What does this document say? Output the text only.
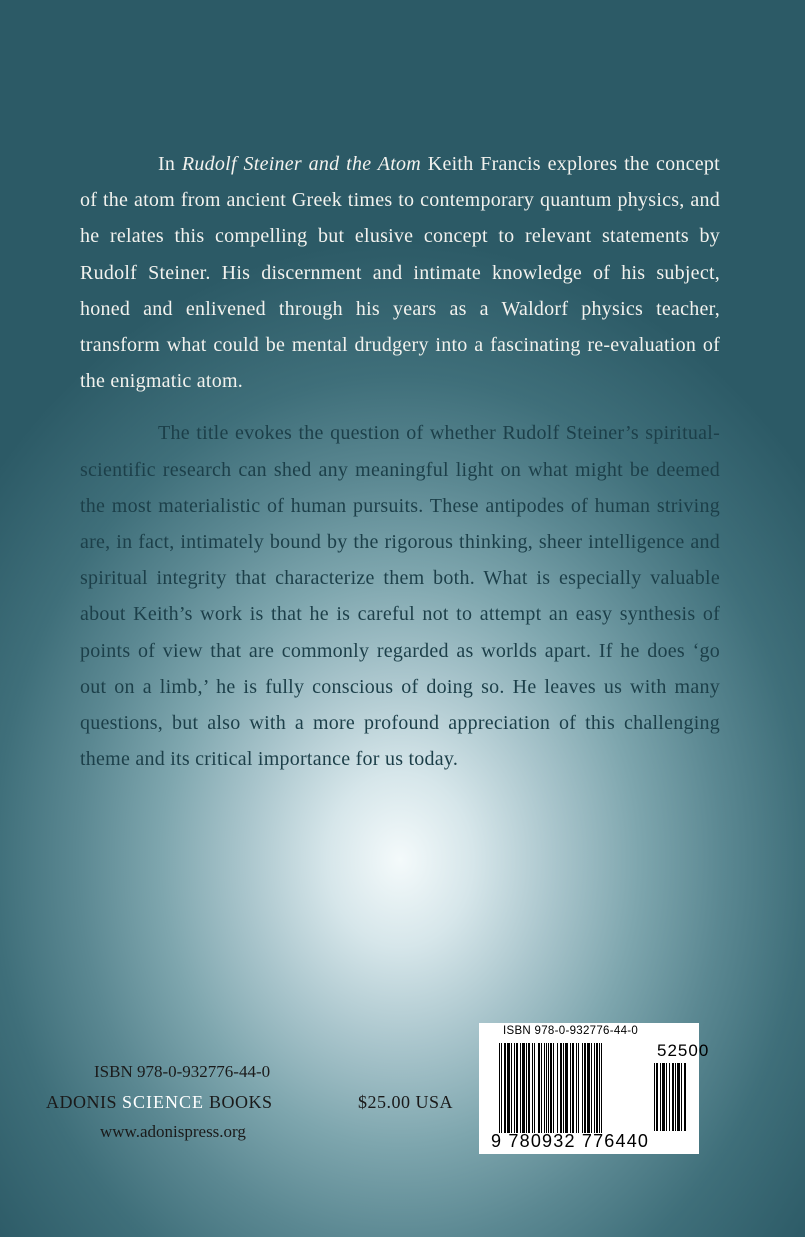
In Rudolf Steiner and the Atom Keith Francis explores the concept of the atom from ancient Greek times to contemporary quantum physics, and he relates this compelling but elusive concept to relevant statements by Rudolf Steiner. His discernment and intimate knowledge of his subject, honed and enlivened through his years as a Waldorf physics teacher, transform what could be mental drudgery into a fascinating re-evaluation of the enigmatic atom.

The title evokes the question of whether Rudolf Steiner’s spiritual-scientific research can shed any meaningful light on what might be deemed the most materialistic of human pursuits. These antipodes of human striving are, in fact, intimately bound by the rigorous thinking, sheer intelligence and spiritual integrity that characterize them both. What is especially valuable about Keith’s work is that he is careful not to attempt an easy synthesis of points of view that are commonly regarded as worlds apart. If he does ‘go out on a limb,’ he is fully conscious of doing so. He leaves us with many questions, but also with a more profound appreciation of this challenging theme and its critical importance for us today.

ISBN 978-0-932776-44-0
ADONIS SCIENCE BOOKS
www.adonispress.org
$25.00 USA
ISBN 978-0-932776-44-0
52500
9 780932 776440
